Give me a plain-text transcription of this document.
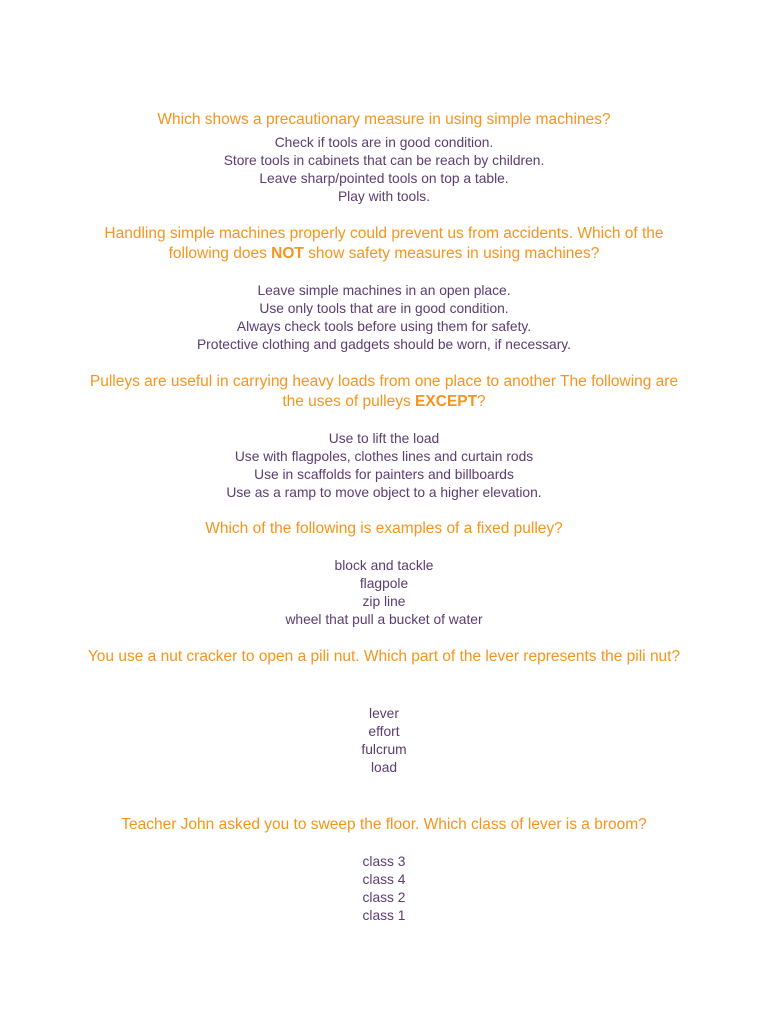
Which shows a precautionary measure in using simple machines?
Check if tools are in good condition.
Store tools in cabinets that can be reach by children.
Leave sharp/pointed tools on top a table.
Play with tools.
Handling simple machines properly could prevent us from accidents. Which of the following does NOT show safety measures in using machines?
Leave simple machines in an open place.
Use only tools that are in good condition.
Always check tools before using them for safety.
Protective clothing and gadgets should be worn, if necessary.
Pulleys are useful in carrying heavy loads from one place to another The following are the uses of pulleys EXCEPT?
Use to lift the load
Use with flagpoles, clothes lines and curtain rods
Use in scaffolds for painters and billboards
Use as a ramp to move object to a higher elevation.
Which of the following is examples of a fixed pulley?
block and tackle
flagpole
zip line
wheel that pull a bucket of water
You use a nut cracker to open a pili nut. Which part of the lever represents the pili nut?
lever
effort
fulcrum
load
Teacher John asked you to sweep the floor. Which class of lever is a broom?
class 3
class 4
class 2
class 1
